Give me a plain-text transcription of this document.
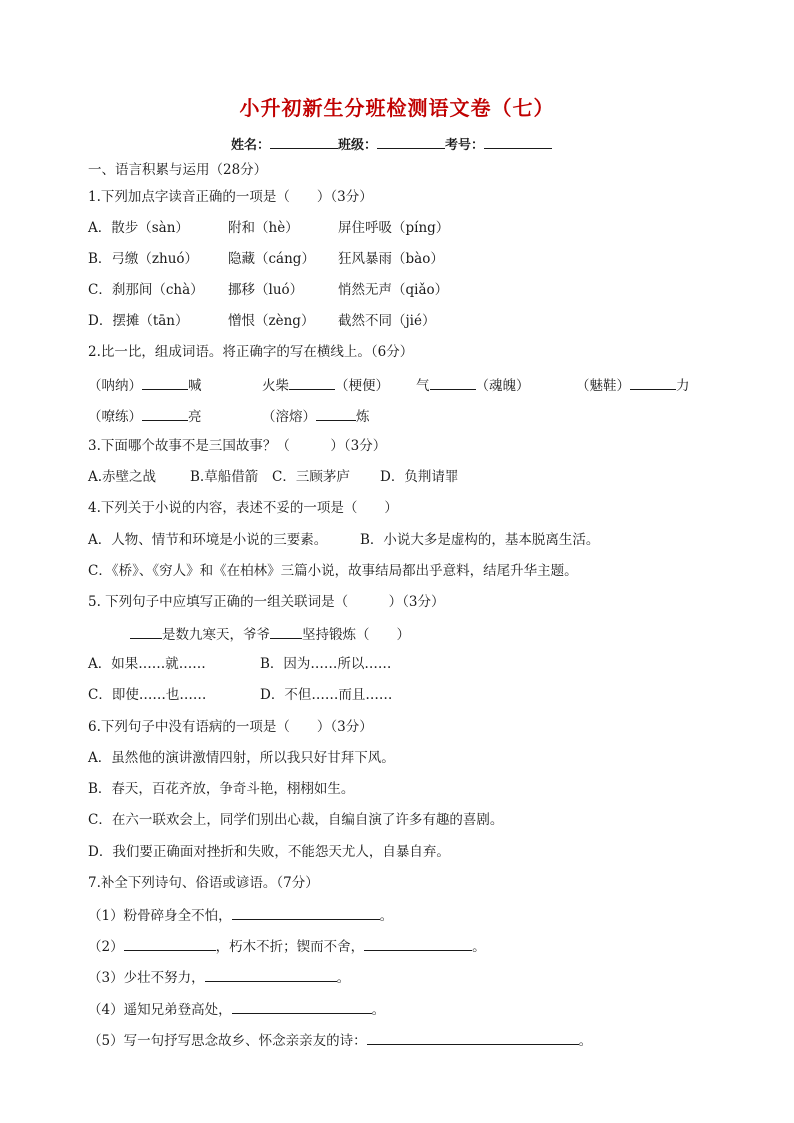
小升初新生分班检测语文卷（七）
姓名：	班级：	考号：
一、语言积累与运用（28分）
1.下列加点字读音正确的一项是（　　）（3分）
A．散步（sàn）	附和（hè）	屏住呼吸（píng）
B．弓缴（zhuó） 隐藏（cáng） 狂风暴雨（bào）
C．刹那间（chà） 挪移（luó）	悄然无声（qiǎo）
D．摆摊（tān）	憎恨（zèng） 截然不同（jié）
2.比一比，组成词语。将正确字的写在横线上。（6分）
（呐纳）	喊	火柴	（梗便） 气	（魂魄）	（魅鞋）	力
（嘹练）	亮	（溶熔）	炼
3.下面哪个故事不是三国故事？（　　　）（3分）
A.赤壁之战	B.草船借箭 C．三顾茅庐 D．负荆请罪
4.下列关于小说的内容，表述不妥的一项是（　　）
A．人物、情节和环境是小说的三要素。 B．小说大多是虚构的，基本脱离生活。
C．《桥》、《穷人》和《在柏林》三篇小说，故事结局都出乎意料，结尾升华主题。
5. 下列句子中应填写正确的一组关联词是（　　　）（3分）
是数九寒天，爷爷 坚持锻炼（　　）
A．如果……就……	B．因为……所以……
C．即使……也……	D．不但……而且……
6.下列句子中没有语病的一项是（　　）（3分）
A．虽然他的演讲激情四射，所以我只好甘拜下风。
B．春天，百花齐放，争奇斗艳，栩栩如生。
C．在六一联欢会上，同学们别出心裁，自编自演了许多有趣的喜剧。
D．我们要正确面对挫折和失败，不能怨天尤人，自暴自弃。
7.补全下列诗句、俗语或谚语。（7分）
（1）粉骨碎身全不怕，	。
（2）	，朽木不折；锲而不舍，	。
（3）少壮不努力，	。
（4）遥知兄弟登高处，	。
（5）写一句抒写思念故乡、怀念亲亲友的诗：	。
